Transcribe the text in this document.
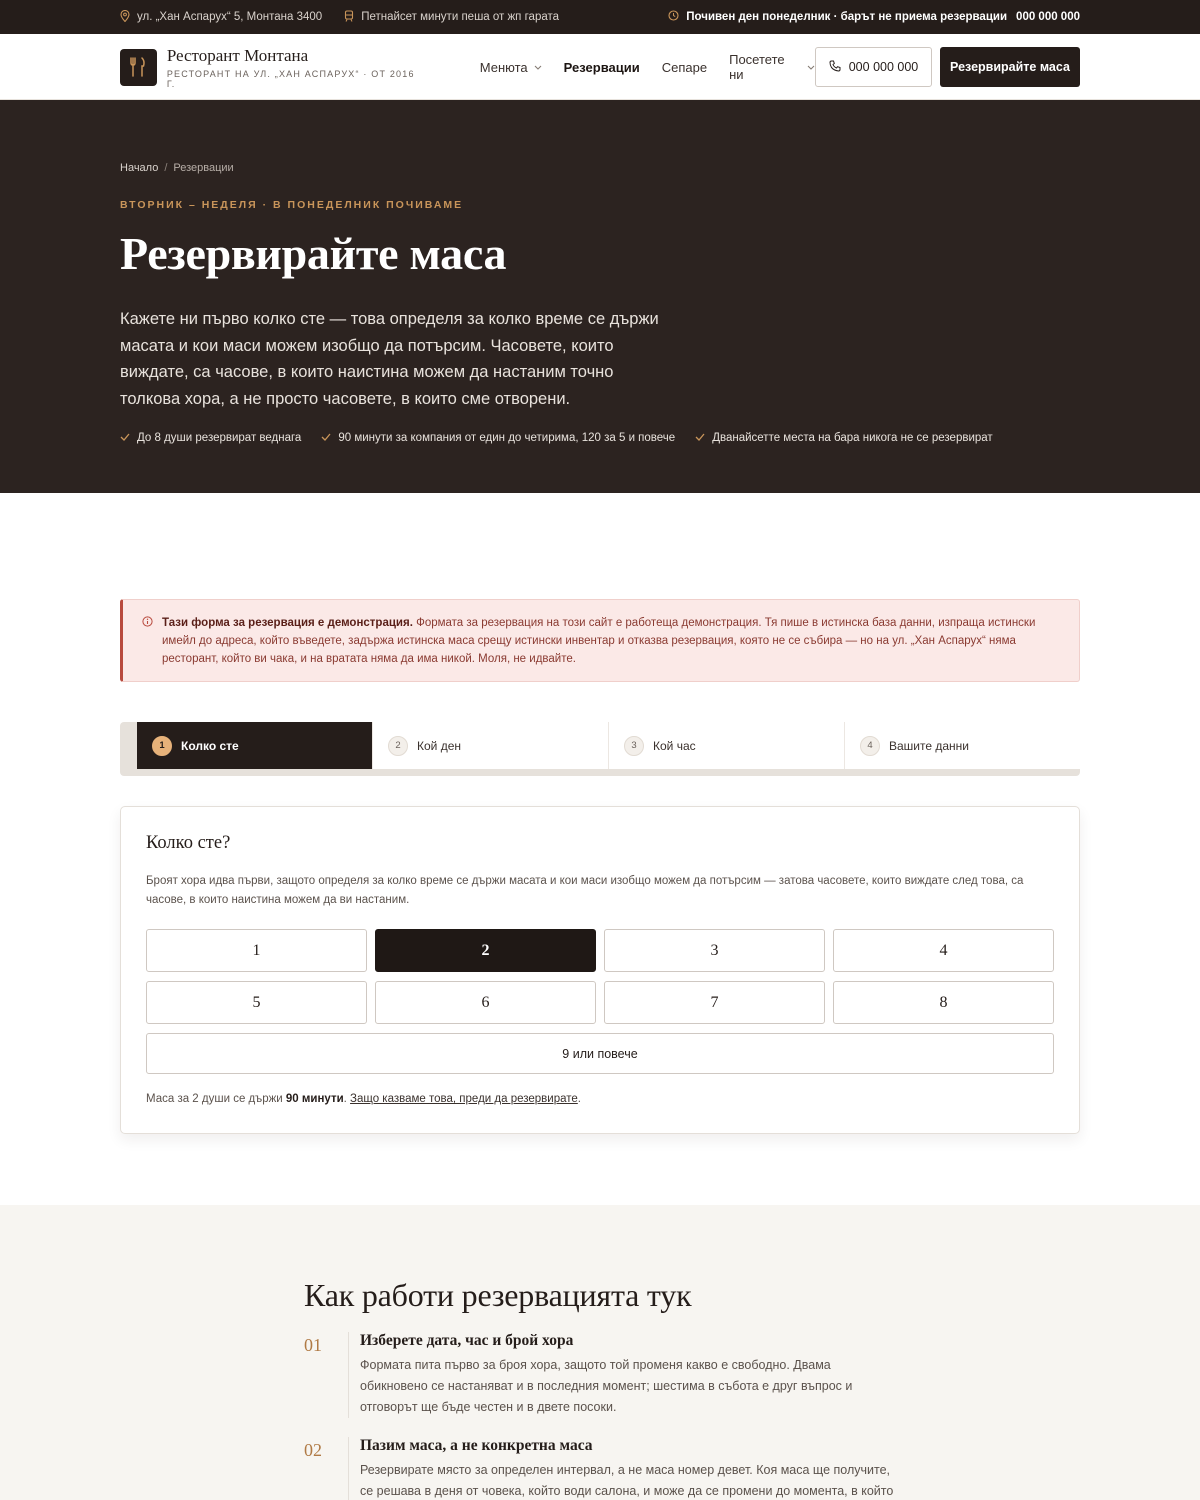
ул. „Хан Аспарух“ 5, Монтана 3400	Петнайсет минути пеша от жп гарата	Почивен ден понеделник · барът не приема резервации 000 000 000
Ресторант Монтана
РЕСТОРАНТ НА УЛ. „ХАН АСПАРУХ“ · ОТ 2016 Г.
Менюта	Резервации Сепаре Посетете ни	000 000 000	Резервирайте маса
Начало / Резервации
ВТОРНИК – НЕДЕЛЯ · В ПОНЕДЕЛНИК ПОЧИВАМЕ
Резервирайте маса

Кажете ни първо колко сте — това определя за колко време се държи масата и кои маси можем изобщо да потърсим. Часовете, които виждате, са часове, в които наистина можем да настаним точно толкова хора, а не просто часовете, в които сме отворени.

До 8 души резервират веднага	90 минути за компания от един до четирима, 120 за 5 и повече	Дванайсетте места на бара никога не се резервират
Тази форма за резервация е демонстрация. Формата за резервация на този сайт е работеща демонстрация. Тя пише в истинска база данни, изпраща истински имейл до адреса, който въведете, задържа истинска маса срещу истински инвентар и отказва резервация, която не се събира — но на ул. „Хан Аспарух“ няма ресторант, който ви чака, и на вратата няма да има никой. Моля, не идвайте.
1	Колко сте	2	Кой ден	3	Кой час	4	Вашите данни
Колко сте?

Броят хора идва първи, защото определя за колко време се държи масата и кои маси изобщо можем да потърсим — затова часовете, които виждате след това, са часове, в които наистина можем да ви настаним.

1	2	3	4
5	6	7	8
9 или повече

Маса за 2 души се държи 90 минути. Защо казваме това, преди да резервирате.

Как работи резервацията тук
01	Изберете дата, час и брой хора
Формата пита първо за броя хора, защото той променя какво е свободно. Двама обикновено се настаняват и в последния момент; шестима в събота е друг въпрос и отговорът ще бъде честен и в двете посоки.
02	Пазим маса, а не конкретна маса
Резервирате място за определен интервал, а не маса номер девет. Коя маса ще получите, се решава в деня от човека, който води салона, и може да се промени до момента, в който
